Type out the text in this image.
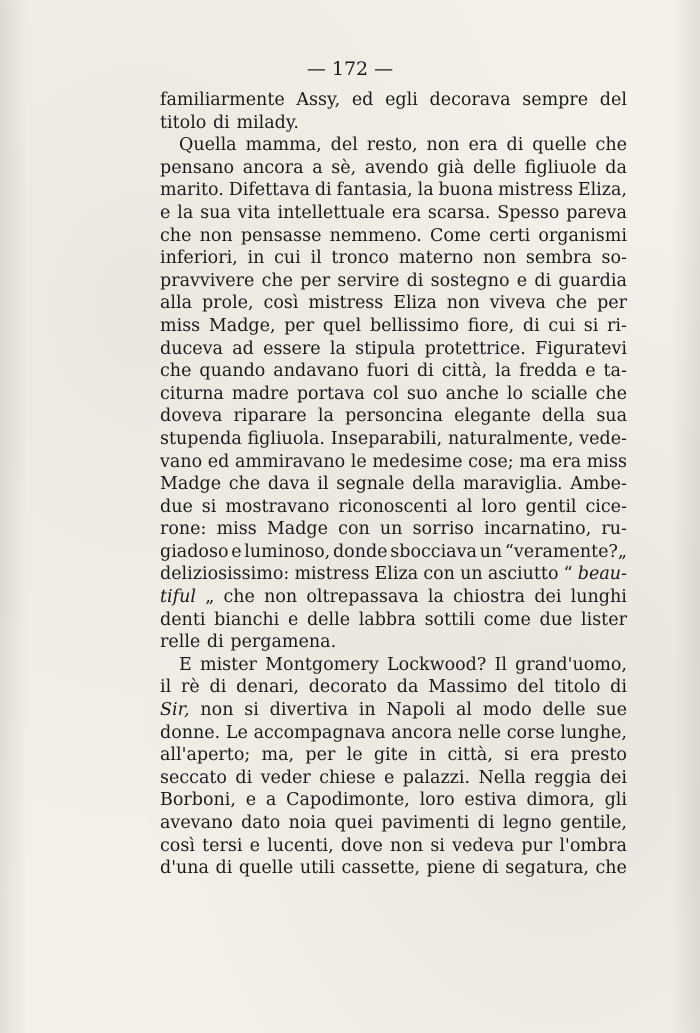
— 172 —
familiarmente Assy, ed egli decorava sempre del
titolo di milady.
Quella mamma, del resto, non era di quelle che
pensano ancora a sè, avendo già delle figliuole da
marito. Difettava di fantasia, la buona mistress Eliza,
e la sua vita intellettuale era scarsa. Spesso pareva
che non pensasse nemmeno. Come certi organismi
inferiori, in cui il tronco materno non sembra so-
pravvivere che per servire di sostegno e di guardia
alla prole, così mistress Eliza non viveva che per
miss Madge, per quel bellissimo fiore, di cui si ri-
duceva ad essere la stipula protettrice. Figuratevi
che quando andavano fuori di città, la fredda e ta-
citurna madre portava col suo anche lo scialle che
doveva riparare la personcina elegante della sua
stupenda figliuola. Inseparabili, naturalmente, vede-
vano ed ammiravano le medesime cose; ma era miss
Madge che dava il segnale della maraviglia. Ambe-
due si mostravano riconoscenti al loro gentil cice-
rone: miss Madge con un sorriso incarnatino, ru-
giadoso e luminoso, donde sbocciava un “veramente?„
deliziosissimo: mistress Eliza con un asciutto “ beau-
tiful „ che non oltrepassava la chiostra dei lunghi
denti bianchi e delle labbra sottili come due lister
relle di pergamena.
E mister Montgomery Lockwood? Il grand'uomo,
il rè di denari, decorato da Massimo del titolo di
Sir, non si divertiva in Napoli al modo delle sue
donne. Le accompagnava ancora nelle corse lunghe,
all'aperto; ma, per le gite in città, si era presto
seccato di veder chiese e palazzi. Nella reggia dei
Borboni, e a Capodimonte, loro estiva dimora, gli
avevano dato noia quei pavimenti di legno gentile,
così tersi e lucenti, dove non si vedeva pur l'ombra
d'una di quelle utili cassette, piene di segatura, che
